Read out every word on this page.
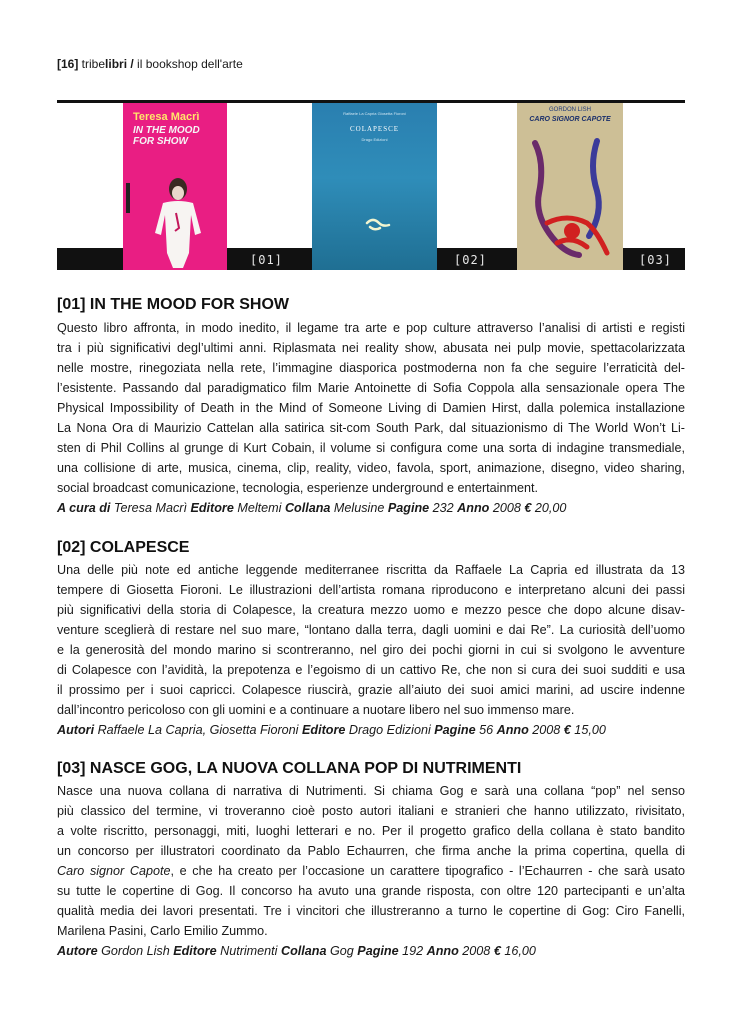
[16] tribelibri / il bookshop dell'arte
Teresa Macrì
IN THE MOOD FOR SHOW
Raffaele La Capria Giosetta Fioroni
COLAPESCE
Drago Edizioni
GORDON LISH
CARO SIGNOR CAPOTE
[01]	[02]	[03]
[01] IN THE MOOD FOR SHOW
Questo libro affronta, in modo inedito, il legame tra arte e pop culture attraverso l’analisi di artisti e registi
tra i più significativi degl’ultimi anni. Riplasmata nei reality show, abusata nei pulp movie, spettacolarizzata
nelle mostre, rinegoziata nella rete, l’immagine diasporica postmoderna non fa che seguire l’erraticità del-
l’esistente. Passando dal paradigmatico film Marie Antoinette di Sofia Coppola alla sensazionale opera The
Physical Impossibility of Death in the Mind of Someone Living di Damien Hirst, dalla polemica installazione
La Nona Ora di Maurizio Cattelan alla satirica sit-com South Park, dal situazionismo di The World Won’t Li-
sten di Phil Collins al grunge di Kurt Cobain, il volume si configura come una sorta di indagine transmediale,
una collisione di arte, musica, cinema, clip, reality, video, favola, sport, animazione, disegno, video sharing,
social broadcast comunicazione, tecnologia, esperienze underground e entertainment.
A cura di Teresa Macrì Editore Meltemi Collana Melusine Pagine 232 Anno 2008 € 20,00
[02] COLAPESCE
Una delle più note ed antiche leggende mediterranee riscritta da Raffaele La Capria ed illustrata da 13
tempere di Giosetta Fioroni. Le illustrazioni dell’artista romana riproducono e interpretano alcuni dei passi
più significativi della storia di Colapesce, la creatura mezzo uomo e mezzo pesce che dopo alcune disav-
venture sceglierà di restare nel suo mare, “lontano dalla terra, dagli uomini e dai Re”. La curiosità dell’uomo
e la generosità del mondo marino si scontreranno, nel giro dei pochi giorni in cui si svolgono le avventure
di Colapesce con l’avidità, la prepotenza e l’egoismo di un cattivo Re, che non si cura dei suoi sudditi e usa
il prossimo per i suoi capricci. Colapesce riuscirà, grazie all’aiuto dei suoi amici marini, ad uscire indenne
dall’incontro pericoloso con gli uomini e a continuare a nuotare libero nel suo immenso mare.
Autori Raffaele La Capria, Giosetta Fioroni Editore Drago Edizioni Pagine 56 Anno 2008 € 15,00
[03] NASCE GOG, LA NUOVA COLLANA POP DI NUTRIMENTI
Nasce una nuova collana di narrativa di Nutrimenti. Si chiama Gog e sarà una collana “pop” nel senso
più classico del termine, vi troveranno cioè posto autori italiani e stranieri che hanno utilizzato, rivisitato,
a volte riscritto, personaggi, miti, luoghi letterari e no. Per il progetto grafico della collana è stato bandito
un concorso per illustratori coordinato da Pablo Echaurren, che firma anche la prima copertina, quella di
Caro signor Capote, e che ha creato per l’occasione un carattere tipografico - l’Echaurren - che sarà usato
su tutte le copertine di Gog. Il concorso ha avuto una grande risposta, con oltre 120 partecipanti e un’alta
qualità media dei lavori presentati. Tre i vincitori che illustreranno a turno le copertine di Gog: Ciro Fanelli,
Marilena Pasini, Carlo Emilio Zummo.
Autore Gordon Lish Editore Nutrimenti Collana Gog Pagine 192 Anno 2008 € 16,00
